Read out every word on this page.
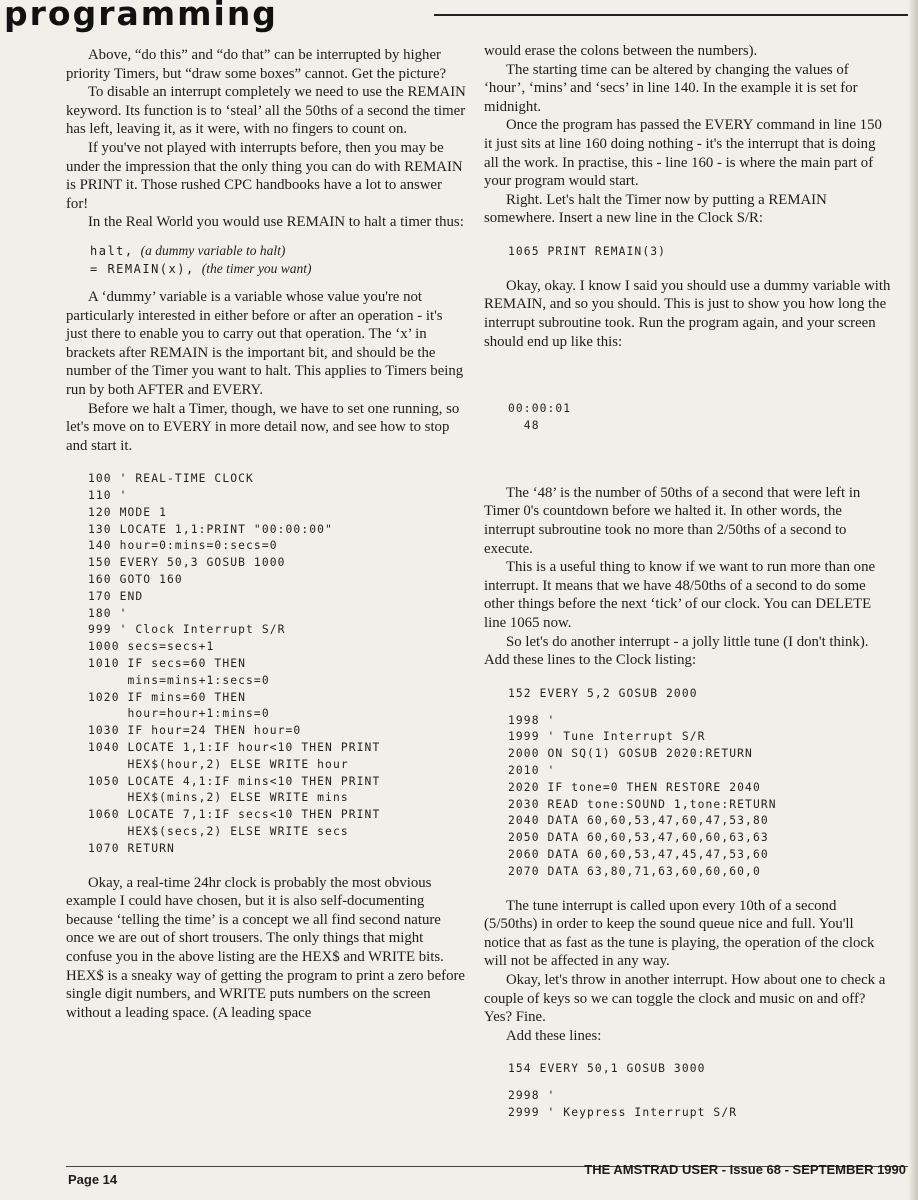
programming

Above, “do this” and “do that” can be interrupted by higher priority Timers, but “draw some boxes” cannot. Get the picture?

To disable an interrupt completely we need to use the REMAIN keyword. Its function is to ‘steal’ all the 50ths of a second the timer has left, leaving it, as it were, with no fingers to count on.

If you've not played with interrupts before, then you may be under the impression that the only thing you can do with REMAIN is PRINT it. Those rushed CPC handbooks have a lot to answer for!

In the Real World you would use REMAIN to halt a timer thus:

halt, (a dummy variable to halt)
= REMAIN(x), (the timer you want)

A ‘dummy’ variable is a variable whose value you're not particularly interested in either before or after an operation - it's just there to enable you to carry out that operation. The ‘x’ in brackets after REMAIN is the important bit, and should be the number of the Timer you want to halt. This applies to Timers being run by both AFTER and EVERY.

Before we halt a Timer, though, we have to set one running, so let's move on to EVERY in more detail now, and see how to stop and start it.

100 ' REAL-TIME CLOCK
110 '
120 MODE 1
130 LOCATE 1,1:PRINT "00:00:00"
140 hour=0:mins=0:secs=0
150 EVERY 50,3 GOSUB 1000
160 GOTO 160
170 END
180 '
999 ' Clock Interrupt S/R
1000 secs=secs+1
1010 IF secs=60 THEN
mins=mins+1:secs=0
1020 IF mins=60 THEN
hour=hour+1:mins=0
1030 IF hour=24 THEN hour=0
1040 LOCATE 1,1:IF hour<10 THEN PRINT
HEX$(hour,2) ELSE WRITE hour
1050 LOCATE 4,1:IF mins<10 THEN PRINT
HEX$(mins,2) ELSE WRITE mins
1060 LOCATE 7,1:IF secs<10 THEN PRINT
HEX$(secs,2) ELSE WRITE secs
1070 RETURN

Okay, a real-time 24hr clock is probably the most obvious example I could have chosen, but it is also self-documenting because ‘telling the time’ is a concept we all find second nature once we are out of short trousers. The only things that might confuse you in the above listing are the HEX$ and WRITE bits. HEX$ is a sneaky way of getting the program to print a zero before single digit numbers, and WRITE puts numbers on the screen without a leading space. (A leading space

would erase the colons between the numbers).

The starting time can be altered by changing the values of ‘hour’, ‘mins’ and ‘secs’ in line 140. In the example it is set for midnight.

Once the program has passed the EVERY command in line 150 it just sits at line 160 doing nothing - it's the interrupt that is doing all the work. In practise, this - line 160 - is where the main part of your program would start.

Right. Let's halt the Timer now by putting a REMAIN somewhere. Insert a new line in the Clock S/R:

1065 PRINT REMAIN(3)

Okay, okay. I know I said you should use a dummy variable with REMAIN, and so you should. This is just to show you how long the interrupt subroutine took. Run the program again, and your screen should end up like this:

00:00:01
48

The ‘48’ is the number of 50ths of a second that were left in Timer 0's countdown before we halted it. In other words, the interrupt subroutine took no more than 2/50ths of a second to execute.

This is a useful thing to know if we want to run more than one interrupt. It means that we have 48/50ths of a second to do some other things before the next ‘tick’ of our clock. You can DELETE line 1065 now.

So let's do another interrupt - a jolly little tune (I don't think). Add these lines to the Clock listing:

152 EVERY 5,2 GOSUB 2000
1998 '
1999 ' Tune Interrupt S/R
2000 ON SQ(1) GOSUB 2020:RETURN
2010 '
2020 IF tone=0 THEN RESTORE 2040
2030 READ tone:SOUND 1,tone:RETURN
2040 DATA 60,60,53,47,60,47,53,80
2050 DATA 60,60,53,47,60,60,63,63
2060 DATA 60,60,53,47,45,47,53,60
2070 DATA 63,80,71,63,60,60,60,0

The tune interrupt is called upon every 10th of a second (5/50ths) in order to keep the sound queue nice and full. You'll notice that as fast as the tune is playing, the operation of the clock will not be affected in any way.

Okay, let's throw in another interrupt. How about one to check a couple of keys so we can toggle the clock and music on and off? Yes? Fine.

Add these lines:

154 EVERY 50,1 GOSUB 3000
2998 '
2999 ' Keypress Interrupt S/R
Page 14
THE AMSTRAD USER - Issue 68 - SEPTEMBER 1990
